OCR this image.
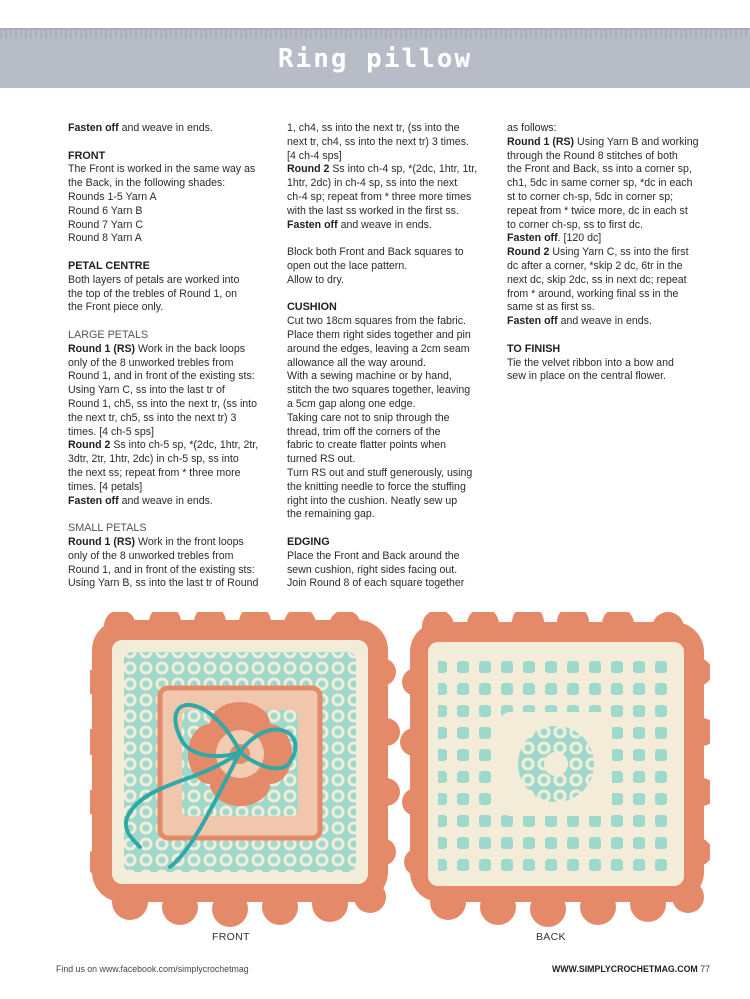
Ring pillow

Fasten off and weave in ends.

FRONT

The Front is worked in the same way as

the Back, in the following shades:

Rounds 1-5 Yarn A

Round 6 Yarn B

Round 7 Yarn C

Round 8 Yarn A

PETAL CENTRE

Both layers of petals are worked into

the top of the trebles of Round 1, on

the Front piece only.

LARGE PETALS

Round 1 (RS) Work in the back loops

only of the 8 unworked trebles from

Round 1, and in front of the existing sts:

Using Yarn C, ss into the last tr of

Round 1, ch5, ss into the next tr, (ss into

the next tr, ch5, ss into the next tr) 3

times. [4 ch-5 sps]

Round 2 Ss into ch-5 sp, *(2dc, 1htr, 2tr,

3dtr, 2tr, 1htr, 2dc) in ch-5 sp, ss into

the next ss; repeat from * three more

times. [4 petals]

Fasten off and weave in ends.

SMALL PETALS

Round 1 (RS) Work in the front loops

only of the 8 unworked trebles from

Round 1, and in front of the existing sts:

Using Yarn B, ss into the last tr of Round

1, ch4, ss into the next tr, (ss into the

next tr, ch4, ss into the next tr) 3 times.

[4 ch-4 sps]

Round 2 Ss into ch-4 sp, *(2dc, 1htr, 1tr,

1htr, 2dc) in ch-4 sp, ss into the next

ch-4 sp; repeat from * three more times

with the last ss worked in the first ss.

Fasten off and weave in ends.

Block both Front and Back squares to

open out the lace pattern.

Allow to dry.

CUSHION

Cut two 18cm squares from the fabric.

Place them right sides together and pin

around the edges, leaving a 2cm seam

allowance all the way around.

With a sewing machine or by hand,

stitch the two squares together, leaving

a 5cm gap along one edge.

Taking care not to snip through the

thread, trim off the corners of the

fabric to create flatter points when

turned RS out.

Turn RS out and stuff generously, using

the knitting needle to force the stuffing

right into the cushion. Neatly sew up

the remaining gap.

EDGING

Place the Front and Back around the

sewn cushion, right sides facing out.

Join Round 8 of each square together

as follows:

Round 1 (RS) Using Yarn B and working

through the Round 8 stitches of both

the Front and Back, ss into a corner sp,

ch1, 5dc in same corner sp, *dc in each

st to corner ch-sp, 5dc in corner sp;

repeat from * twice more, dc in each st

to corner ch-sp, ss to first dc.

Fasten off. [120 dc]

Round 2 Using Yarn C, ss into the first

dc after a corner, *skip 2 dc, 6tr in the

next dc, skip 2dc, ss in next dc; repeat

from * around, working final ss in the

same st as first ss.

Fasten off and weave in ends.

TO FINISH

Tie the velvet ribbon into a bow and

sew in place on the central flower.

FRONT	BACK
Find us on www.facebook.com/simplycrochetmag	WWW.SIMPLYCROCHETMAG.COM 77
